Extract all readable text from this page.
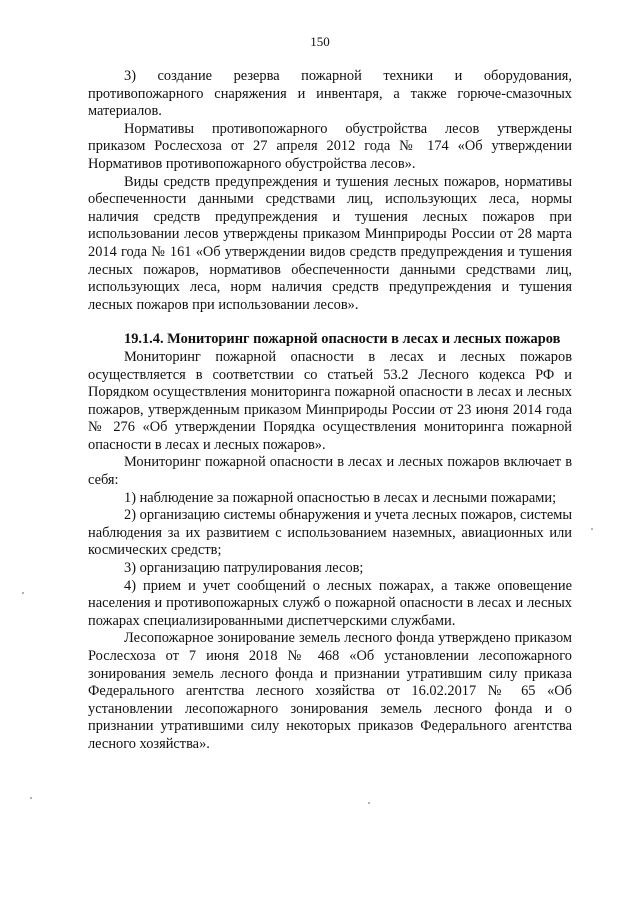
150

3) создание резерва пожарной техники и оборудования, противопожарного снаряжения и инвентаря, а также горюче-смазочных материалов.

Нормативы противопожарного обустройства лесов утверждены приказом Рослесхоза от 27 апреля 2012 года № 174 «Об утверждении Нормативов противопожарного обустройства лесов».

Виды средств предупреждения и тушения лесных пожаров, нормативы обеспеченности данными средствами лиц, использующих леса, нормы наличия средств предупреждения и тушения лесных пожаров при использовании лесов утверждены приказом Минприроды России от 28 марта 2014 года № 161 «Об утверждении видов средств предупреждения и тушения лесных пожаров, нормативов обеспеченности данными средствами лиц, использующих леса, норм наличия средств предупреждения и тушения лесных пожаров при использовании лесов».

19.1.4. Мониторинг пожарной опасности в лесах и лесных пожаров

Мониторинг пожарной опасности в лесах и лесных пожаров осуществляется в соответствии со статьей 53.2 Лесного кодекса РФ и Порядком осуществления мониторинга пожарной опасности в лесах и лесных пожаров, утвержденным приказом Минприроды России от 23 июня 2014 года № 276 «Об утверждении Порядка осуществления мониторинга пожарной опасности в лесах и лесных пожаров».

Мониторинг пожарной опасности в лесах и лесных пожаров включает в себя:

1) наблюдение за пожарной опасностью в лесах и лесными пожарами;

2) организацию системы обнаружения и учета лесных пожаров, системы наблюдения за их развитием с использованием наземных, авиационных или космических средств;

3) организацию патрулирования лесов;

4) прием и учет сообщений о лесных пожарах, а также оповещение населения и противопожарных служб о пожарной опасности в лесах и лесных пожарах специализированными диспетчерскими службами.

Лесопожарное зонирование земель лесного фонда утверждено приказом Рослесхоза от 7 июня 2018 № 468 «Об установлении лесопожарного зонирования земель лесного фонда и признании утратившим силу приказа Федерального агентства лесного хозяйства от 16.02.2017 № 65 «Об установлении лесопожарного зонирования земель лесного фонда и о признании утратившими силу некоторых приказов Федерального агентства лесного хозяйства».
